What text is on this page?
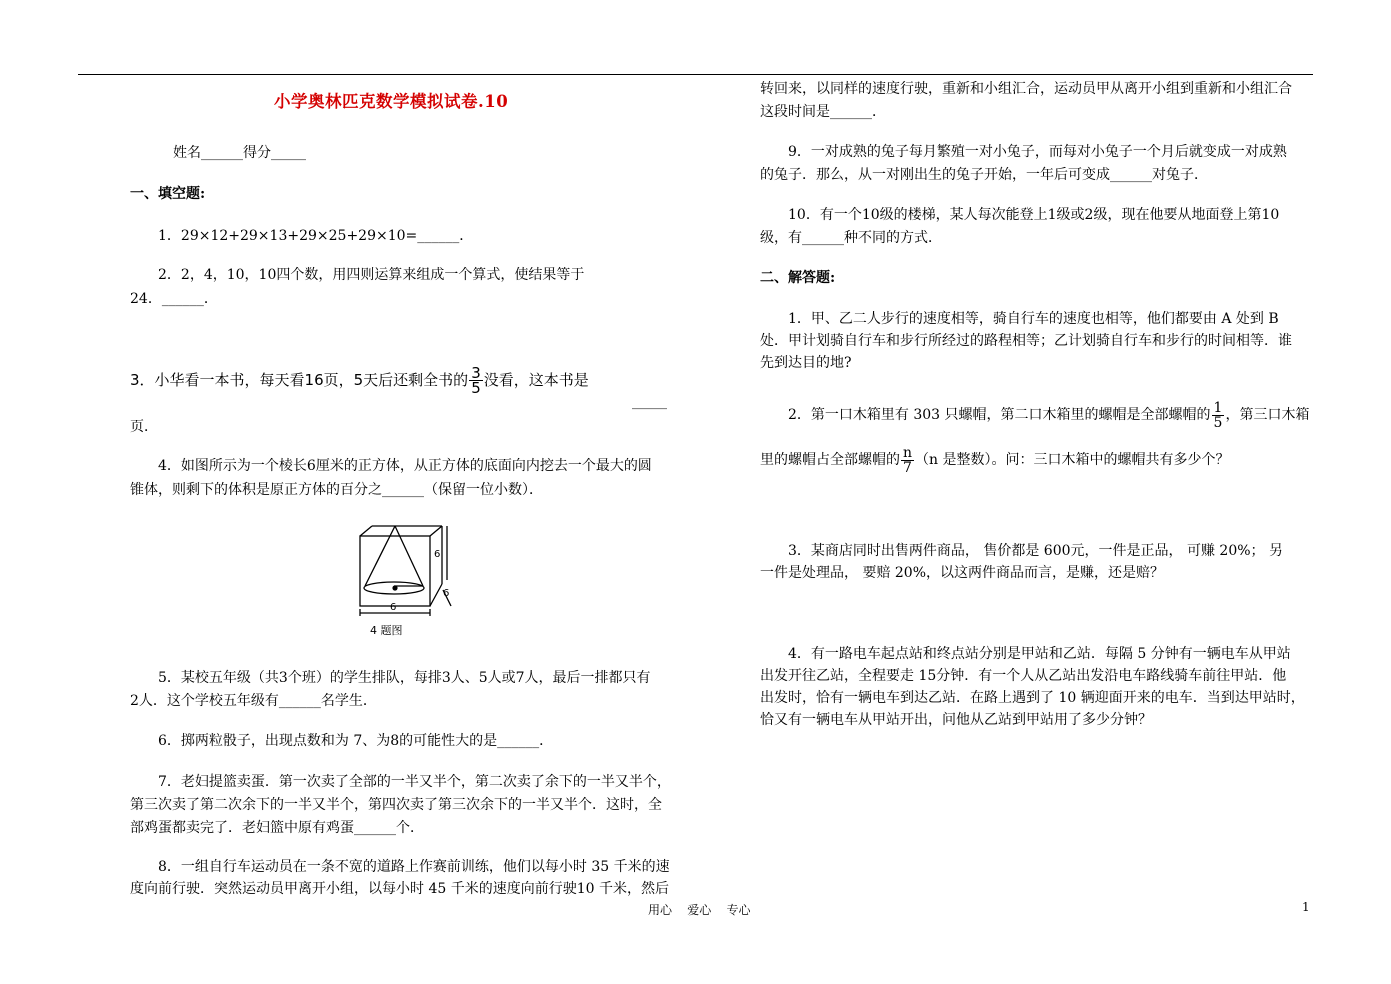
小学奥林匹克数学模拟试卷.10
姓名______得分_____
一、填空题:
1．29×12+29×13+29×25+29×10=______．
2．2，4，10，10四个数，用四则运算来组成一个算式，使结果等于
24．______．
3．小华看一本书，每天看16页，5天后还剩全书的 $\frac{3}{5}$ 没看，这本书是
_____
页．
4．如图所示为一个棱长6厘米的正方体，从正方体的底面向内挖去一个最大的圆
锥体，则剩下的体积是原正方体的百分之______（保留一位小数）．
6
6
6
4 题图
5．某校五年级（共3个班）的学生排队，每排3人、5人或7人，最后一排都只有
2人．这个学校五年级有______名学生．
6．掷两粒骰子，出现点数和为 7、为8的可能性大的是______．
7．老妇提篮卖蛋．第一次卖了全部的一半又半个，第二次卖了余下的一半又半个，
第三次卖了第二次余下的一半又半个，第四次卖了第三次余下的一半又半个．这时，全
部鸡蛋都卖完了．老妇篮中原有鸡蛋______个．
8．一组自行车运动员在一条不宽的道路上作赛前训练，他们以每小时 35 千米的速
度向前行驶．突然运动员甲离开小组，以每小时 45 千米的速度向前行驶10 千米，然后
转回来，以同样的速度行驶，重新和小组汇合，运动员甲从离开小组到重新和小组汇合
这段时间是______．
9．一对成熟的兔子每月繁殖一对小兔子，而每对小兔子一个月后就变成一对成熟
的兔子．那么，从一对刚出生的兔子开始，一年后可变成______对兔子．
10．有一个10级的楼梯，某人每次能登上1级或2级，现在他要从地面登上第10
级，有______种不同的方式．
二、解答题:
1．甲、乙二人步行的速度相等，骑自行车的速度也相等，他们都要由 A 处到 B
处．甲计划骑自行车和步行所经过的路程相等；乙计划骑自行车和步行的时间相等．谁
先到达目的地?
2．第一口木箱里有 303 只螺帽，第二口木箱里的螺帽是全部螺帽的 $\frac{1}{5}$ ，第三口木箱
里的螺帽占全部螺帽的 $\frac{n}{7} (n$ 是整数）。问：三口木箱中的螺帽共有多少个？
3．某商店同时出售两件商品， 售价都是 600元，一件是正品， 可赚 20%； 另
一件是处理品， 要赔 20%，以这两件商品而言，是赚，还是赔？
4．有一路电车起点站和终点站分别是甲站和乙站．每隔 5 分钟有一辆电车从甲站
出发开往乙站，全程要走 15分钟．有一个人从乙站出发沿电车路线骑车前往甲站．他
出发时，恰有一辆电车到达乙站．在路上遇到了 10 辆迎面开来的电车．当到达甲站时，
恰又有一辆电车从甲站开出，问他从乙站到甲站用了多少分钟？
用心    爱心    专心	1
